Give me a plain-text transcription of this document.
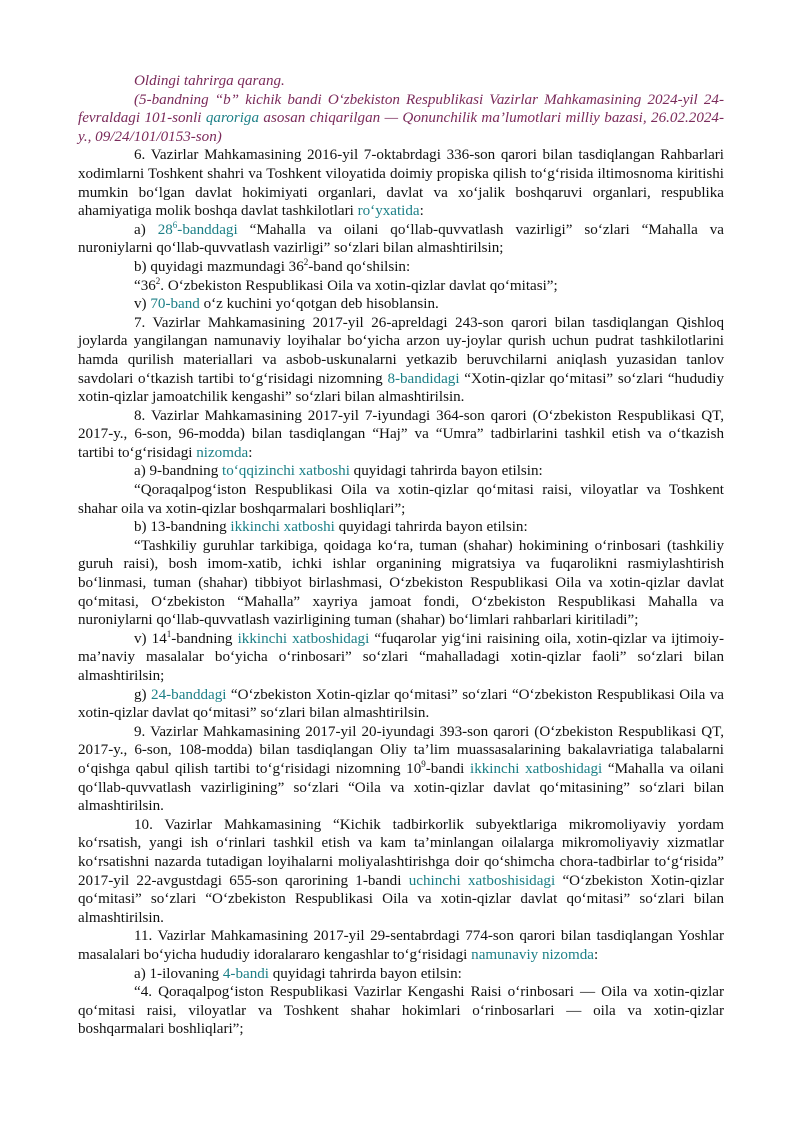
Oldingi tahrirga qarang.

(5-bandning “b” kichik bandi O‘zbekiston Respublikasi Vazirlar Mahkamasining 2024-yil 24-fevraldagi 101-sonli qaroriga asosan chiqarilgan — Qonunchilik ma’lumotlari milliy bazasi, 26.02.2024-y., 09/24/101/0153-son)

6. Vazirlar Mahkamasining 2016-yil 7-oktabrdagi 336-son qarori bilan tasdiqlangan Rahbarlari xodimlarni Toshkent shahri va Toshkent viloyatida doimiy propiska qilish to‘g‘risida iltimosnoma kiritishi mumkin bo‘lgan davlat hokimiyati organlari, davlat va xo‘jalik boshqaruvi organlari, respublika ahamiyatiga molik boshqa davlat tashkilotlari ro‘yxatida:

a) $28^6$-banddagi “Mahalla va oilani qo‘llab-quvvatlash vazirligi” so‘zlari “Mahalla va nuroniylarni qo‘llab-quvvatlash vazirligi” so‘zlari bilan almashtirilsin;

b) quyidagi mazmundagi $36^2$-band qo‘shilsin:

“$36^2$. O‘zbekiston Respublikasi Oila va xotin-qizlar davlat qo‘mitasi”;

v) 70-band o‘z kuchini yo‘qotgan deb hisoblansin.

7. Vazirlar Mahkamasining 2017-yil 26-apreldagi 243-son qarori bilan tasdiqlangan Qishloq joylarda yangilangan namunaviy loyihalar bo‘yicha arzon uy-joylar qurish uchun pudrat tashkilotlarini hamda qurilish materiallari va asbob-uskunalarni yetkazib beruvchilarni aniqlash yuzasidan tanlov savdolari o‘tkazish tartibi to‘g‘risidagi nizomning 8-bandidagi “Xotin-qizlar qo‘mitasi” so‘zlari “hududiy xotin-qizlar jamoatchilik kengashi” so‘zlari bilan almashtirilsin.

8. Vazirlar Mahkamasining 2017-yil 7-iyundagi 364-son qarori (O‘zbekiston Respublikasi QT, 2017-y., 6-son, 96-modda) bilan tasdiqlangan “Haj” va “Umra” tadbirlarini tashkil etish va o‘tkazish tartibi to‘g‘risidagi nizomda:

a) 9-bandning to‘qqizinchi xatboshi quyidagi tahrirda bayon etilsin:

“Qoraqalpog‘iston Respublikasi Oila va xotin-qizlar qo‘mitasi raisi, viloyatlar va Toshkent shahar oila va xotin-qizlar boshqarmalari boshliqlari”;

b) 13-bandning ikkinchi xatboshi quyidagi tahrirda bayon etilsin:

“Tashkiliy guruhlar tarkibiga, qoidaga ko‘ra, tuman (shahar) hokimining o‘rinbosari (tashkiliy guruh raisi), bosh imom-xatib, ichki ishlar organining migratsiya va fuqarolikni rasmiylashtirish bo‘linmasi, tuman (shahar) tibbiyot birlashmasi, O‘zbekiston Respublikasi Oila va xotin-qizlar davlat qo‘mitasi, O‘zbekiston “Mahalla” xayriya jamoat fondi, O‘zbekiston Respublikasi Mahalla va nuroniylarni qo‘llab-quvvatlash vazirligining tuman (shahar) bo‘limlari rahbarlari kiritiladi”;

v) $14^1$-bandning ikkinchi xatboshidagi “fuqarolar yig‘ini raisining oila, xotin-qizlar va ijtimoiy-ma’naviy masalalar bo‘yicha o‘rinbosari” so‘zlari “mahalladagi xotin-qizlar faoli” so‘zlari bilan almashtirilsin;

g) 24-banddagi “O‘zbekiston Xotin-qizlar qo‘mitasi” so‘zlari “O‘zbekiston Respublikasi Oila va xotin-qizlar davlat qo‘mitasi” so‘zlari bilan almashtirilsin.

9. Vazirlar Mahkamasining 2017-yil 20-iyundagi 393-son qarori (O‘zbekiston Respublikasi QT, 2017-y., 6-son, 108-modda) bilan tasdiqlangan Oliy ta’lim muassasalarining bakalavriatiga talabalarni o‘qishga qabul qilish tartibi to‘g‘risidagi nizomning $10^9$-bandi ikkinchi xatboshidagi “Mahalla va oilani qo‘llab-quvvatlash vazirligining” so‘zlari “Oila va xotin-qizlar davlat qo‘mitasining” so‘zlari bilan almashtirilsin.

10. Vazirlar Mahkamasining “Kichik tadbirkorlik subyektlariga mikromoliyaviy yordam ko‘rsatish, yangi ish o‘rinlari tashkil etish va kam ta’minlangan oilalarga mikromoliyaviy xizmatlar ko‘rsatishni nazarda tutadigan loyihalarni moliyalashtirishga doir qo‘shimcha chora-tadbirlar to‘g‘risida” 2017-yil 22-avgustdagi 655-son qarorining 1-bandi uchinchi xatboshisidagi “O‘zbekiston Xotin-qizlar qo‘mitasi” so‘zlari “O‘zbekiston Respublikasi Oila va xotin-qizlar davlat qo‘mitasi” so‘zlari bilan almashtirilsin.

11. Vazirlar Mahkamasining 2017-yil 29-sentabrdagi 774-son qarori bilan tasdiqlangan Yoshlar masalalari bo‘yicha hududiy idoralararo kengashlar to‘g‘risidagi namunaviy nizomda:

a) 1-ilovaning 4-bandi quyidagi tahrirda bayon etilsin:

“4. Qoraqalpog‘iston Respublikasi Vazirlar Kengashi Raisi o‘rinbosari — Oila va xotin-qizlar qo‘mitasi raisi, viloyatlar va Toshkent shahar hokimlari o‘rinbosarlari — oila va xotin-qizlar boshqarmalari boshliqlari”;
